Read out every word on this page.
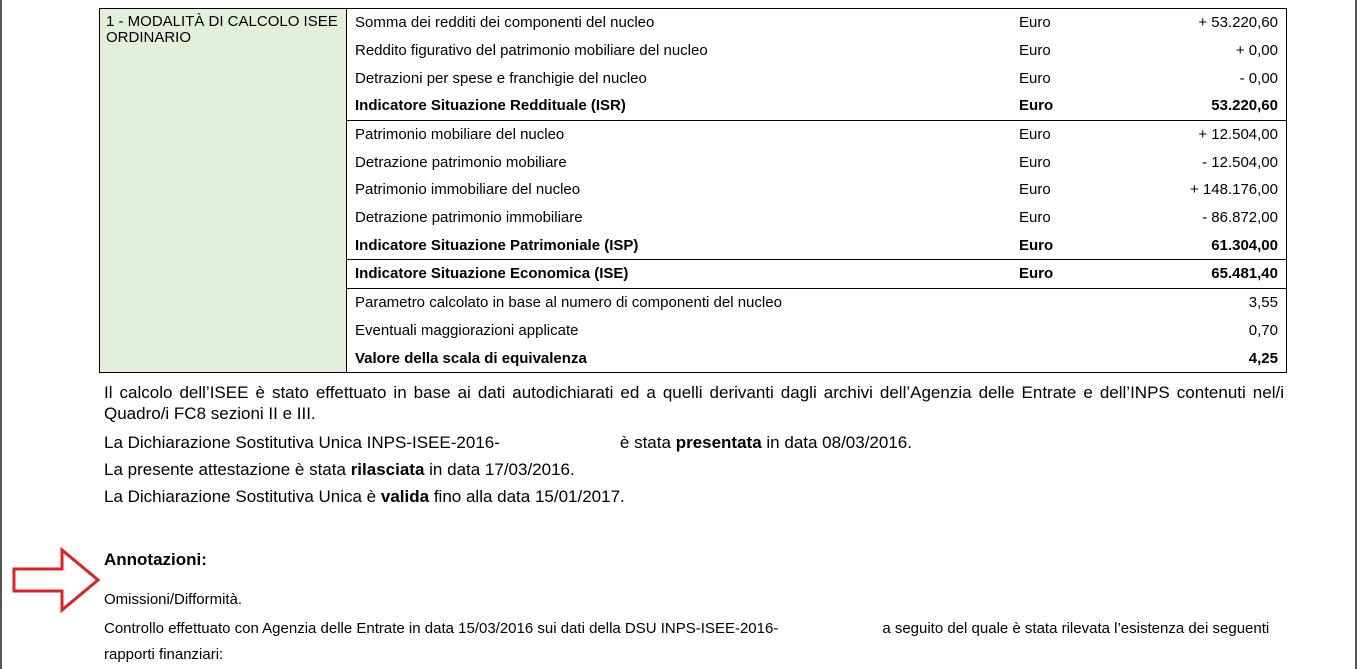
1 - MODALITÀ DI CALCOLO ISEE ORDINARIO	Somma dei redditi dei componenti del nucleo	Euro	+ 53.220,60
	Reddito figurativo del patrimonio mobiliare del nucleo	Euro	+ 0,00
	Detrazioni per spese e franchigie del nucleo	Euro	- 0,00
	Indicatore Situazione Reddituale (ISR)	Euro	53.220,60
	Patrimonio mobiliare del nucleo	Euro	+ 12.504,00
	Detrazione patrimonio mobiliare	Euro	- 12.504,00
	Patrimonio immobiliare del nucleo	Euro	+ 148.176,00
	Detrazione patrimonio immobiliare	Euro	- 86.872,00
	Indicatore Situazione Patrimoniale (ISP)	Euro	61.304,00
	Indicatore Situazione Economica (ISE)	Euro	65.481,40
	Parametro calcolato in base al numero di componenti del nucleo		3,55
	Eventuali maggiorazioni applicate		0,70
	Valore della scala di equivalenza		4,25
Il calcolo dell’ISEE è stato effettuato in base ai dati autodichiarati ed a quelli derivanti dagli archivi dell’Agenzia delle Entrate e dell’INPS contenuti nel/i Quadro/i FC8 sezioni II e III.
La Dichiarazione Sostitutiva Unica INPS-ISEE-2016-	è stata presentata in data 08/03/2016.
La presente attestazione è stata rilasciata in data 17/03/2016.
La Dichiarazione Sostitutiva Unica è valida fino alla data 15/01/2017.
Annotazioni:
Omissioni/Difformità.
Controllo effettuato con Agenzia delle Entrate in data 15/03/2016 sui dati della DSU INPS-ISEE-2016-	a seguito del quale è stata rilevata l’esistenza dei seguenti
rapporti finanziari:
